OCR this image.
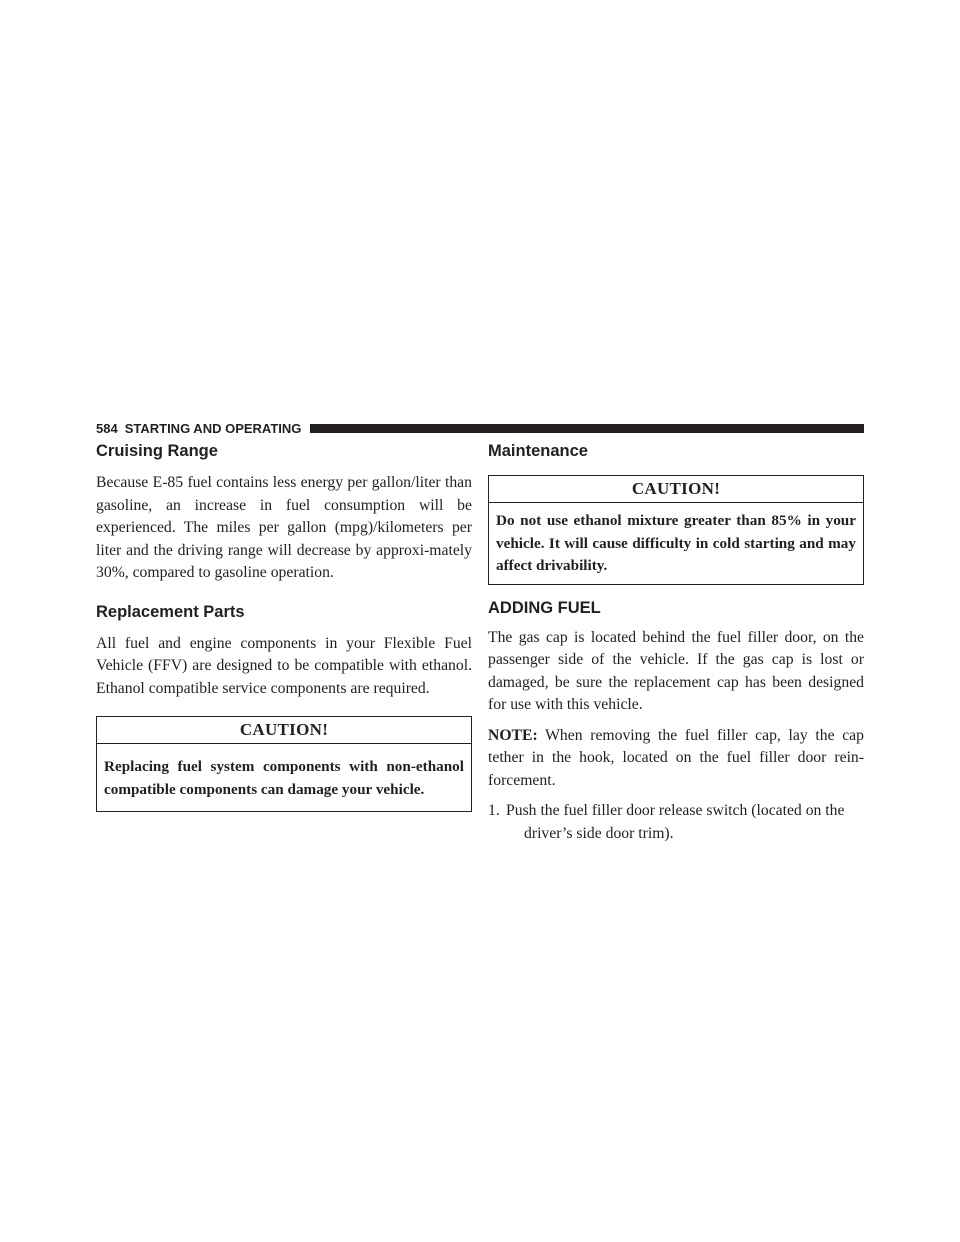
584 STARTING AND OPERATING
Cruising Range

Because E-85 fuel contains less energy per gallon/liter than gasoline, an increase in fuel consumption will be experienced. The miles per gallon (mpg)/kilometers per liter and the driving range will decrease by approxi-mately 30%, compared to gasoline operation.

Replacement Parts

All fuel and engine components in your Flexible Fuel Vehicle (FFV) are designed to be compatible with ethanol. Ethanol compatible service components are required.

CAUTION!

Replacing fuel system components with non-ethanol compatible components can damage your vehicle.

Maintenance
CAUTION!

Do not use ethanol mixture greater than 85% in your vehicle. It will cause difficulty in cold starting and may affect drivability.

ADDING FUEL

The gas cap is located behind the fuel filler door, on the passenger side of the vehicle. If the gas cap is lost or damaged, be sure the replacement cap has been designed for use with this vehicle.

NOTE: When removing the fuel filler cap, lay the cap tether in the hook, located on the fuel filler door rein-forcement.

1. Push the fuel filler door release switch (located on the
driver’s side door trim).
